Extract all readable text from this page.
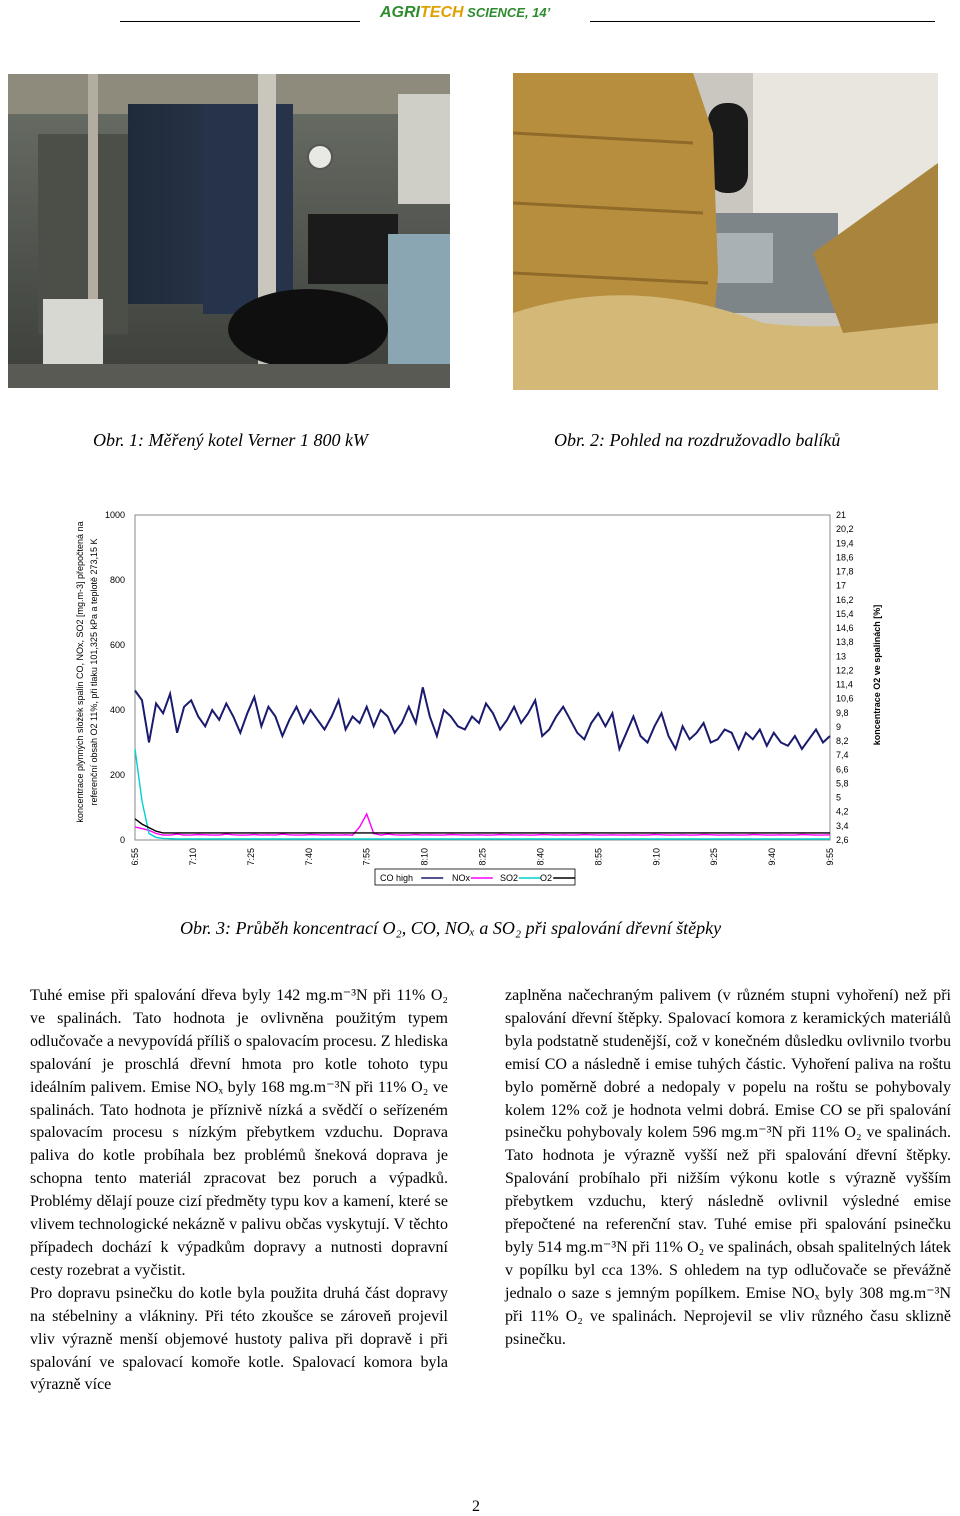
AGRITECH SCIENCE, 14’
Obr. 1: Měřený kotel Verner 1 800 kW	Obr. 2: Pohled na rozdružovadlo balíků
0
200
400
600
800
1000
2,6
3,4
4,2
5
5,8
6,6
7,4
8,2
9
9,8
10,6
11,4
12,2
13
13,8
14,6
15,4
16,2
17
17,8
18,6
19,4
20,2
21
6:55	7:10	7:25	7:40	7:55	8:10	8:25	8:40	8:55	9:10	9:25	9:40	9:55
CO high	NOx	SO2 O2
koncentrace plynných složek spalin CO, NOx, SO2 [mg.m-3] přepočtená na referenční obsah O2 11%, při tlaku 101,325 kPa a teplotě 273,15 K	koncentrace O2 ve spalinách [%]
Obr. 3: Průběh koncentrací O₂, CO, NOₓ a SO₂ při spalování dřevní štěpky

Tuhé emise při spalování dřeva byly 142 mg.m⁻³N při 11% O₂ ve spalinách. Tato hodnota je ovlivněna použitým typem odlučovače a nevypovídá příliš o spalovacím procesu. Z hlediska spalování je proschlá dřevní hmota pro kotle tohoto typu ideálním palivem. Emise NOₓ byly 168 mg.m⁻³N při 11% O₂ ve spalinách. Tato hodnota je příznivě nízká a svědčí o seřízeném spalovacím procesu s nízkým přebytkem vzduchu. Doprava paliva do kotle probíhala bez problémů šneková doprava je schopna tento materiál zpracovat bez poruch a výpadků. Problémy dělají pouze cizí předměty typu kov a kamení, které se vlivem technologické nekázně v palivu občas vyskytují. V těchto případech dochází k výpadkům dopravy a nutnosti dopravní cesty rozebrat a vyčistit.

Pro dopravu psinečku do kotle byla použita druhá část dopravy na stébelniny a vlákniny. Při této zkoušce se zároveň projevil vliv výrazně menší objemové hustoty paliva při dopravě i při spalování ve spalovací komoře kotle. Spalovací komora byla výrazně více

zaplněna načechraným palivem (v různém stupni vyhoření) než při spalování dřevní štěpky. Spalovací komora z keramických materiálů byla podstatně studenější, což v konečném důsledku ovlivnilo tvorbu emisí CO a následně i emise tuhých částic. Vyhoření paliva na roštu bylo poměrně dobré a nedopaly v popelu na roštu se pohybovaly kolem 12% což je hodnota velmi dobrá. Emise CO se při spalování psinečku pohybovaly kolem 596 mg.m⁻³N při 11% O₂ ve spalinách. Tato hodnota je výrazně vyšší než při spalování dřevní štěpky. Spalování probíhalo při nižším výkonu kotle s výrazně vyšším přebytkem vzduchu, který následně ovlivnil výsledné emise přepočtené na referenční stav. Tuhé emise při spalování psinečku byly 514 mg.m⁻³N při 11% O₂ ve spalinách, obsah spalitelných látek v popílku byl cca 13%. S ohledem na typ odlučovače se převážně jednalo o saze s jemným popílkem. Emise NOₓ byly 308 mg.m⁻³N při 11% O₂ ve spalinách. Neprojevil se vliv různého času sklizně psinečku.

2
